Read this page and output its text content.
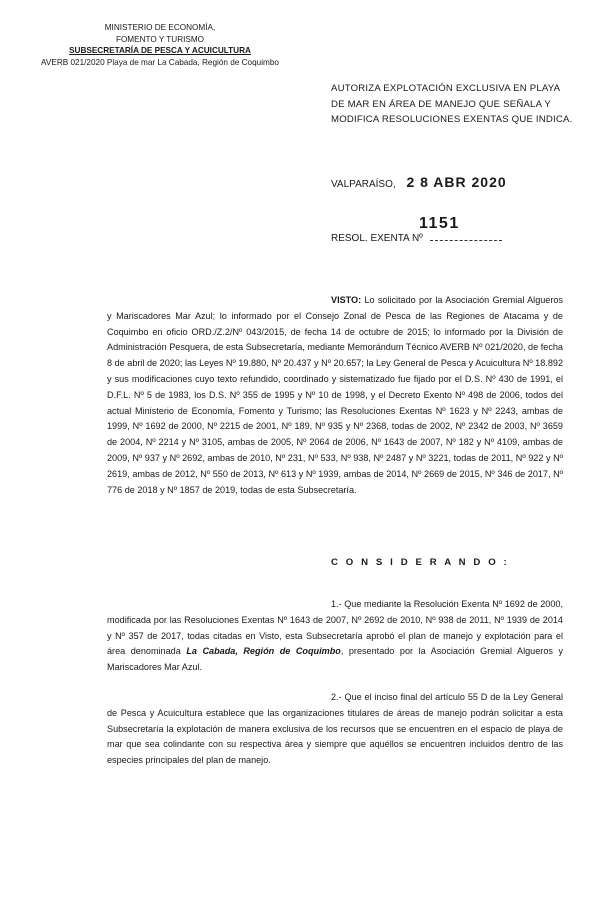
MINISTERIO DE ECONOMÍA,
FOMENTO Y TURISMO
SUBSECRETARÍA DE PESCA Y ACUICULTURA
AVERB 021/2020 Playa de mar La Cabada, Región de Coquimbo
AUTORIZA EXPLOTACIÓN EXCLUSIVA EN PLAYA
DE MAR EN ÁREA DE MANEJO QUE SEÑALA Y
MODIFICA RESOLUCIONES EXENTAS QUE INDICA.
VALPARAÍSO, 2 8 ABR 2020
RESOL. EXENTA Nº
1151
VISTO: Lo solicitado por la Asociación Gremial Algueros y Mariscadores Mar Azul; lo informado por el Consejo Zonal de Pesca de las Regiones de Atacama y de Coquimbo en oficio ORD./Z.2/Nº 043/2015, de fecha 14 de octubre de 2015; lo informado por la División de Administración Pesquera, de esta Subsecretaría, mediante Memorándum Técnico AVERB Nº 021/2020, de fecha 8 de abril de 2020; las Leyes Nº 19.880, Nº 20.437 y Nº 20.657; la Ley General de Pesca y Acuicultura Nº 18.892 y sus modificaciones cuyo texto refundido, coordinado y sistematizado fue fijado por el D.S. Nº 430 de 1991, el D.F.L. Nº 5 de 1983, los D.S. Nº 355 de 1995 y Nº 10 de 1998, y el Decreto Exento Nº 498 de 2006, todos del actual Ministerio de Economía, Fomento y Turismo; las Resoluciones Exentas Nº 1623 y Nº 2243, ambas de 1999, Nº 1692 de 2000, Nº 2215 de 2001, Nº 189, Nº 935 y Nº 2368, todas de 2002, Nº 2342 de 2003, Nº 3659 de 2004, Nº 2214 y Nº 3105, ambas de 2005, Nº 2064 de 2006, Nº 1643 de 2007, Nº 182 y Nº 4109, ambas de 2009, Nº 937 y Nº 2692, ambas de 2010, Nº 231, Nº 533, Nº 938, Nº 2487 y Nº 3221, todas de 2011, Nº 922 y Nº 2619, ambas de 2012, Nº 550 de 2013, Nº 613 y Nº 1939, ambas de 2014, Nº 2669 de 2015, Nº 346 de 2017, Nº 776 de 2018 y Nº 1857 de 2019, todas de esta Subsecretaría.
C O N S I D E R A N D O :
1.- Que mediante la Resolución Exenta Nº 1692 de 2000, modificada por las Resoluciones Exentas Nº 1643 de 2007, Nº 2692 de 2010, Nº 938 de 2011, Nº 1939 de 2014 y Nº 357 de 2017, todas citadas en Visto, esta Subsecretaría aprobó el plan de manejo y explotación para el área denominada La Cabada, Región de Coquimbo, presentado por la Asociación Gremial Algueros y Mariscadores Mar Azul.
2.- Que el inciso final del artículo 55 D de la Ley General de Pesca y Acuicultura establece que las organizaciones titulares de áreas de manejo podrán solicitar a esta Subsecretaría la explotación de manera exclusiva de los recursos que se encuentren en el espacio de playa de mar que sea colindante con su respectiva área y siempre que aquéllos se encuentren incluidos dentro de las especies principales del plan de manejo.
